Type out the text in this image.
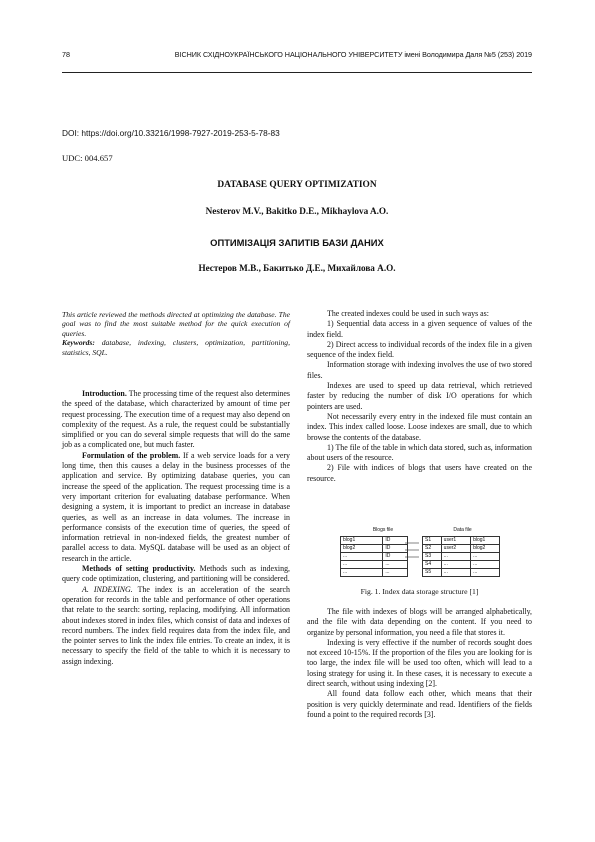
78	ВІСНИК СХІДНОУКРАЇНСЬКОГО НАЦІОНАЛЬНОГО УНІВЕРСИТЕТУ імені Володимира Даля №5 (253) 2019
DOI: https://doi.org/10.33216/1998-7927-2019-253-5-78-83
UDC: 004.657
DATABASE QUERY OPTIMIZATION
Nesterov M.V., Bakitko D.E., Mikhaylova A.O.
ОПТИМІЗАЦІЯ ЗАПИТІВ БАЗИ ДАНИХ
Нестеров М.В., Бакитько Д.Е., Михайлова А.О.

This article reviewed the methods directed at optimizing the database. The goal was to find the most suitable method for the quick execution of queries.

Keywords: database, indexing, clusters, optimization, partitioning, statistics, SQL.

Introduction. The processing time of the request also determines the speed of the database, which characterized by amount of time per request processing. The execution time of a request may also depend on complexity of the request. As a rule, the request could be substantially simplified or you can do several simple requests that will do the same job as a complicated one, but much faster.

Formulation of the problem. If a web service loads for a very long time, then this causes a delay in the business processes of the application and service. By optimizing database queries, you can increase the speed of the application. The request processing time is a very important criterion for evaluating database performance. When designing a system, it is important to predict an increase in database queries, as well as an increase in data volumes. The increase in performance consists of the execution time of queries, the speed of information retrieval in non-indexed fields, the greatest number of parallel access to data. MySQL database will be used as an object of research in the article.

Methods of setting productivity. Methods such as indexing, query code optimization, clustering, and partitioning will be considered.

A. INDEXING. The index is an acceleration of the search operation for records in the table and performance of other operations that relate to the search: sorting, replacing, modifying. All information about indexes stored in index files, which consist of data and indexes of record numbers. The index field requires data from the index file, and the pointer serves to link the index file entries. To create an index, it is necessary to specify the field of the table to which it is necessary to assign indexing.

The created indexes could be used in such ways as:

1) Sequential data access in a given sequence of values of the index field.

2) Direct access to individual records of the index file in a given sequence of the index field.

Information storage with indexing involves the use of two stored files.

Indexes are used to speed up data retrieval, which retrieved faster by reducing the number of disk I/O operations for which pointers are used.

Not necessarily every entry in the indexed file must contain an index. This index called loose. Loose indexes are small, due to which browse the contents of the database.

1) The file of the table in which data stored, such as, information about users of the resource.

2) File with indices of blogs that users have created on the resource.

Blogs file	Data file
blog1	ID
blog2	ID
...	ID
...	...
...	...
S1	user1	blog1
S2	user2	blog2
S3	...	...
S4	...	...
S5	...	...
Fig. 1. Index data storage structure [1]

The file with indexes of blogs will be arranged alphabetically, and the file with data depending on the content. If you need to organize by personal information, you need a file that stores it.

Indexing is very effective if the number of records sought does not exceed 10-15%. If the proportion of the files you are looking for is too large, the index file will be used too often, which will lead to a losing strategy for using it. In these cases, it is necessary to execute a direct search, without using indexing [2].

All found data follow each other, which means that their position is very quickly determinate and read. Identifiers of the fields found a point to the required records [3].
